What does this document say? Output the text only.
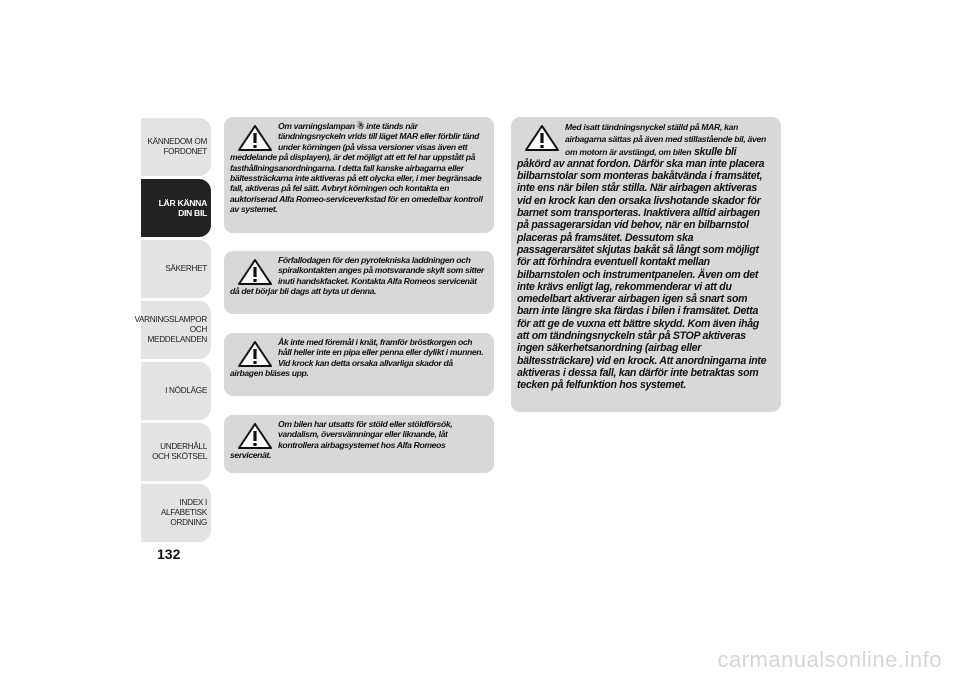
KÄNNEDOM OM FORDONET
LÄR KÄNNA DIN BIL
SÄKERHET
VARNINGSLAMPOR OCH MEDDELANDEN
I NÖDLÄGE
UNDERHÅLL OCH SKÖTSEL
INDEX I ALFABETISK ORDNING
132
Om varningslampan ☃ inte tänds när tändningsnyckeln vrids till läget MAR eller förblir tänd under körningen (på vissa versioner visas även ett meddelande på displayen), är det möjligt att ett fel har uppstått på fasthållningsanordningarna. I detta fall kanske airbagarna eller bältessträckarna inte aktiveras på ett olycka eller, i mer begränsade fall, aktiveras på fel sätt. Avbryt körningen och kontakta en auktoriserad Alfa Romeo-serviceverkstad för en omedelbar kontroll av systemet.
Förfallodagen för den pyrotekniska laddningen och spiralkontakten anges på motsvarande skylt som sitter inuti handskfacket. Kontakta Alfa Romeos servicenät då det börjar bli dags att byta ut denna.
Åk inte med föremål i knät, framför bröstkorgen och håll heller inte en pipa eller penna eller dylikt i munnen. Vid krock kan detta orsaka allvarliga skador då airbagen bläses upp.
Om bilen har utsatts för stöld eller stöldförsök, vandalism, översvämningar eller liknande, låt kontrollera airbagsystemet hos Alfa Romeos servicenät.
Med isatt tändningsnyckel ställd på MAR, kan airbagarna sättas på även med stillastående bil, även om motorn är avstängd, om bilen skulle bli påkörd av annat fordon. Därför ska man inte placera bilbarnstolar som monteras bakåtvända i framsätet, inte ens när bilen står stilla. När airbagen aktiveras vid en krock kan den orsaka livshotande skador för barnet som transporteras. Inaktivera alltid airbagen på passagerarsidan vid behov, när en bilbarnstol placeras på framsätet. Dessutom ska passagerarsätet skjutas bakåt så långt som möjligt för att förhindra eventuell kontakt mellan bilbarnstolen och instrumentpanelen. Även om det inte krävs enligt lag, rekommenderar vi att du omedelbart aktiverar airbagen igen så snart som barn inte längre ska färdas i bilen i framsätet. Detta för att ge de vuxna ett bättre skydd. Kom även ihåg att om tändningsnyckeln står på STOP aktiveras ingen säkerhetsanordning (airbag eller bältessträckare) vid en krock. Att anordningarna inte aktiveras i dessa fall, kan därför inte betraktas som tecken på felfunktion hos systemet.
carmanualsonline.info
